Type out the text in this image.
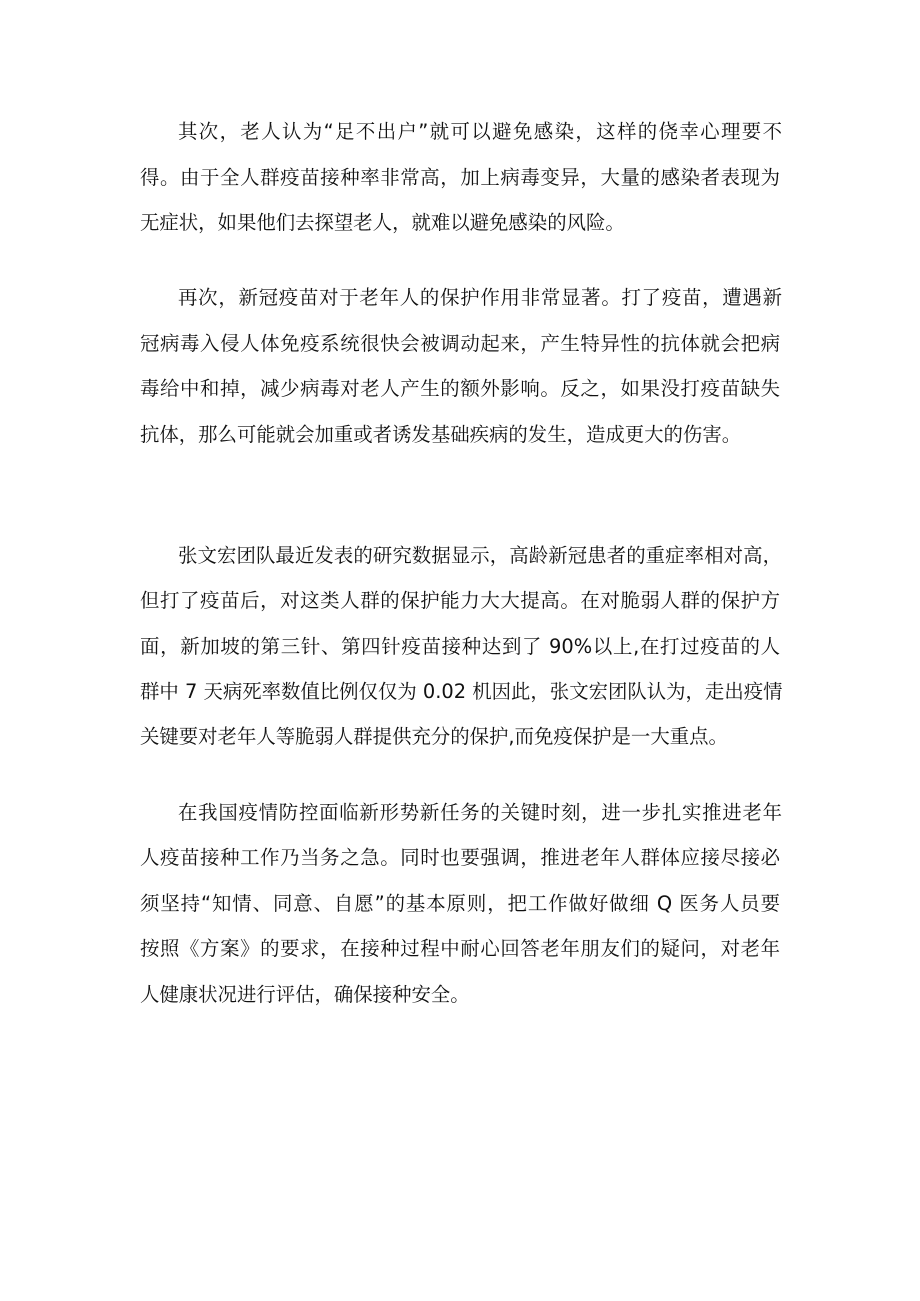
其次，老人认为“足不出户”就可以避免感染，这样的侥幸心理要不
得。由于全人群疫苗接种率非常高，加上病毒变异，大量的感染者表现为
无症状，如果他们去探望老人，就难以避免感染的风险。
再次，新冠疫苗对于老年人的保护作用非常显著。打了疫苗，遭遇新
冠病毒入侵人体免疫系统很快会被调动起来，产生特异性的抗体就会把病
毒给中和掉，减少病毒对老人产生的额外影响。反之，如果没打疫苗缺失
抗体，那么可能就会加重或者诱发基础疾病的发生，造成更大的伤害。
张文宏团队最近发表的研究数据显示，高龄新冠患者的重症率相对高，
但打了疫苗后，对这类人群的保护能力大大提高。在对脆弱人群的保护方
面，新加坡的第三针、第四针疫苗接种达到了 90%以上,在打过疫苗的人
群中 7 天病死率数值比例仅仅为 0.02 机因此，张文宏团队认为，走出疫情
关键要对老年人等脆弱人群提供充分的保护,而免疫保护是一大重点。
在我国疫情防控面临新形势新任务的关键时刻，进一步扎实推进老年
人疫苗接种工作乃当务之急。同时也要强调，推进老年人群体应接尽接必
须坚持“知情、同意、自愿”的基本原则，把工作做好做细 Q 医务人员要
按照《方案》的要求，在接种过程中耐心回答老年朋友们的疑问，对老年
人健康状况进行评估，确保接种安全。
